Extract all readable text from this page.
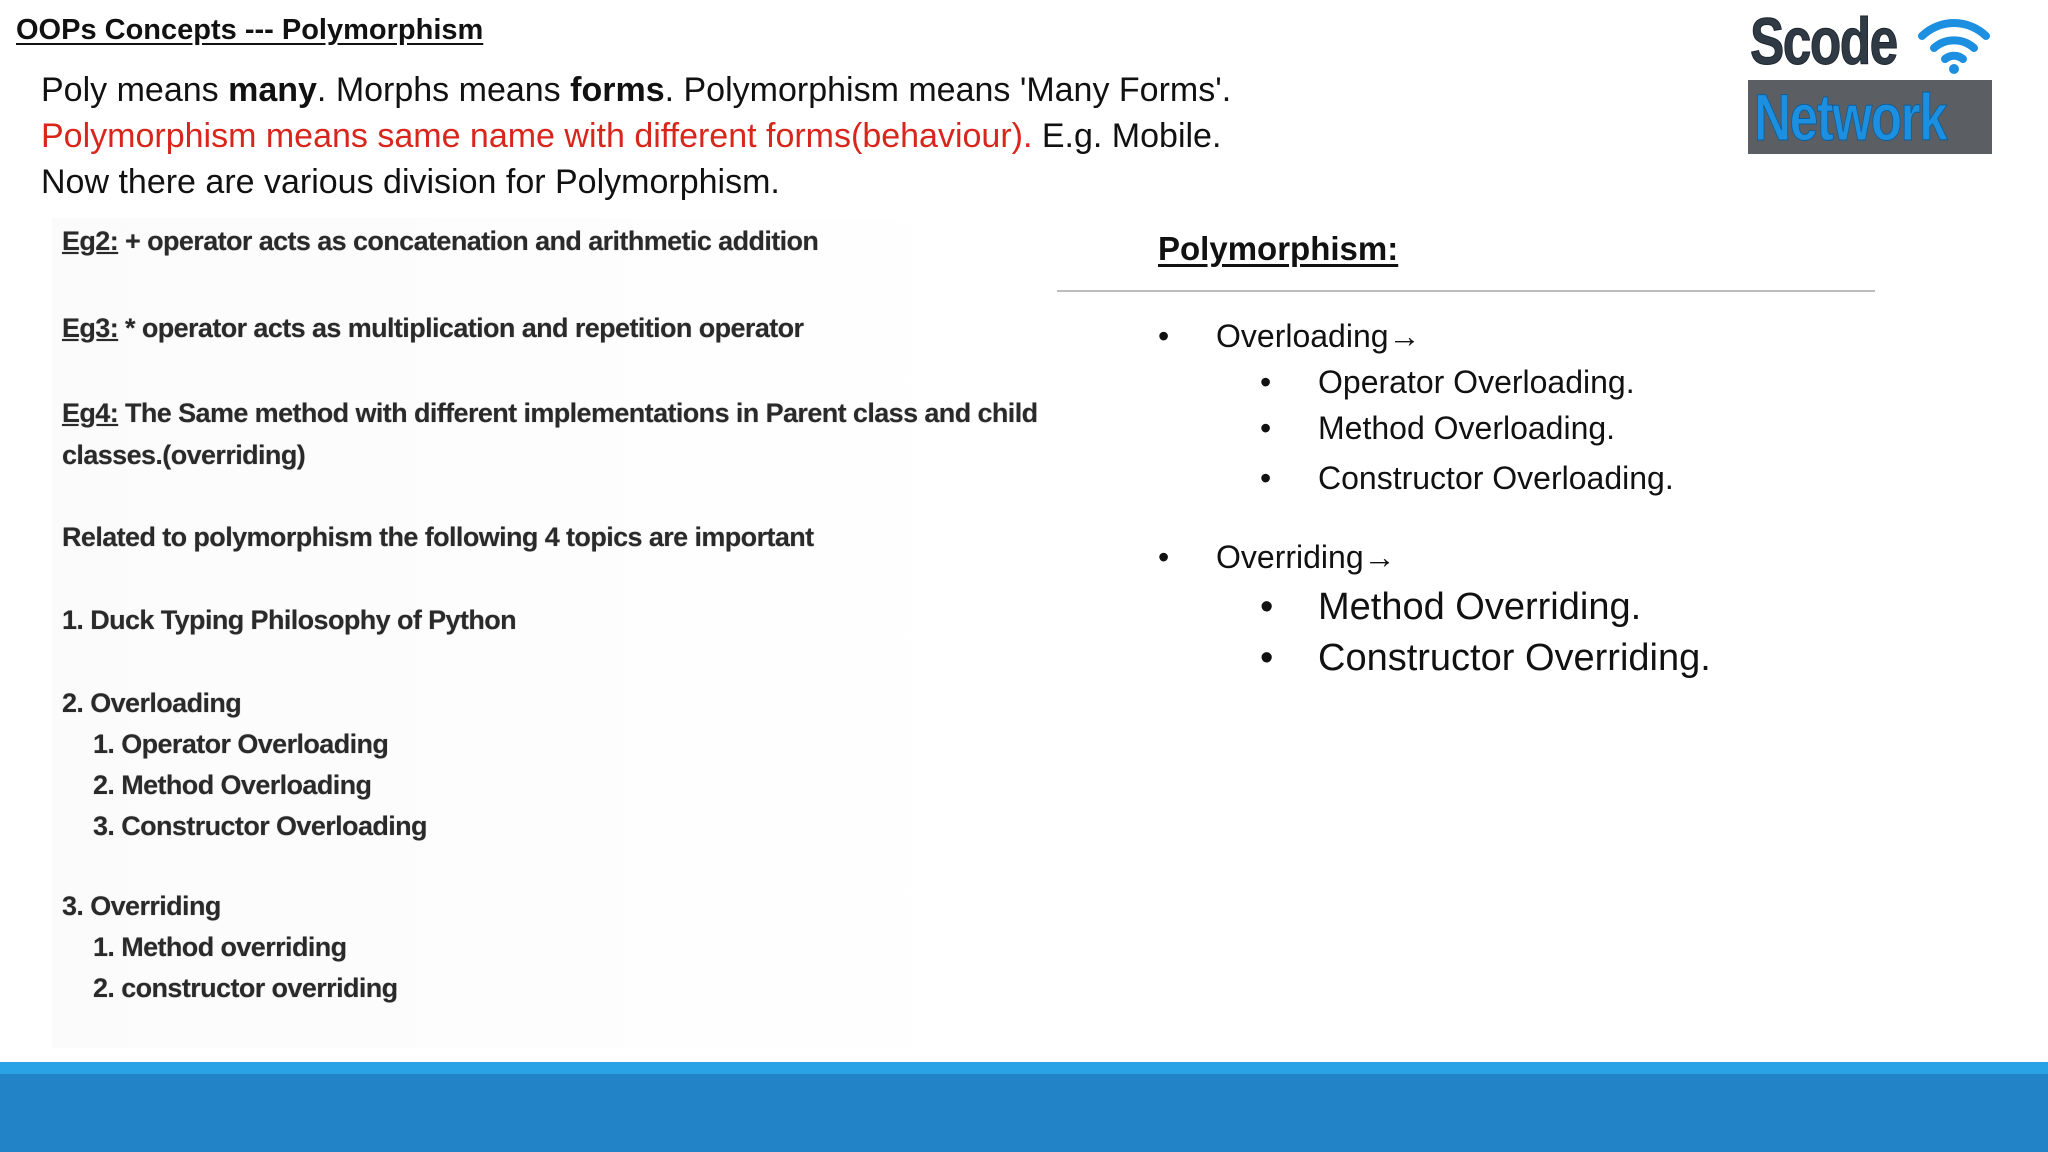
OOPs Concepts --- Polymorphism
Poly means many. Morphs means forms. Polymorphism means 'Many Forms'.
Polymorphism means same name with different forms(behaviour). E.g. Mobile.
Now there are various division for Polymorphism.
Scode
Network
Eg2: + operator acts as concatenation and arithmetic addition
Eg3: * operator acts as multiplication and repetition operator
Eg4: The Same method with different implementations in Parent class and child
classes.(overriding)
Related to polymorphism the following 4 topics are important
1. Duck Typing Philosophy of Python
2. Overloading
1. Operator Overloading
2. Method Overloading
3. Constructor Overloading
3. Overriding
1. Method overriding
2. constructor overriding
Polymorphism:
• Overloading→
• Operator Overloading.
• Method Overloading.
• Constructor Overloading.
• Overriding→
• Method Overriding.
• Constructor Overriding.
